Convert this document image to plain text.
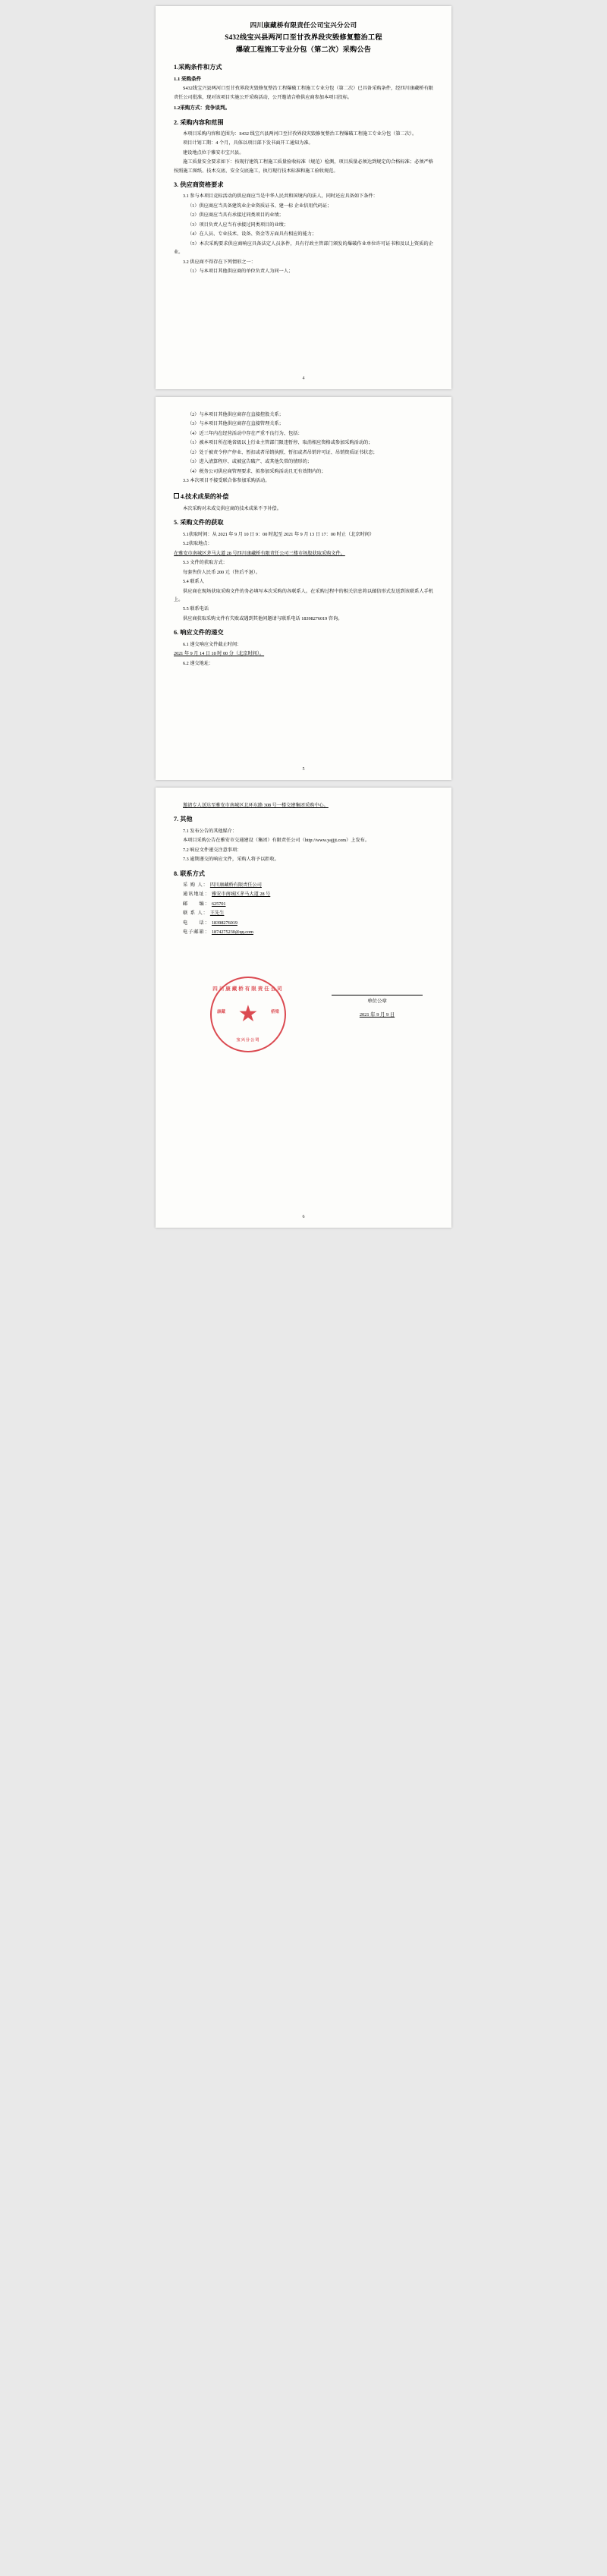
四川康藏桥有限责任公司宝兴分公司
S432线宝兴县两河口至甘孜界段灾毁修复整治工程
爆破工程施工专业分包（第二次）采购公告
1.采购条件和方式
1.1 采购条件

S432线宝兴县两河口至甘孜界段灾毁修复整治工程爆破工程施工专业分包（第二次）已具备采购条件，经四川康藏桥有限责任公司批准，现对该项目实施公开采购活动，公开邀请合格供应商参加本项目投标。

1.2采购方式：竞争谈判。
2. 采购内容和范围

本项目采购内容和范围为：S432 线宝兴县两河口至甘孜界段灾毁修复整治工程爆破工程施工专业分包（第二次）。

项目计划工期：4 个月，具体以项目部下发书面开工通知为准。

建设地点位于雅安市宝兴县。

施工质量安全要求如下：按现行建筑工程施工质量验收标准（规范）检测，项目质量必须达到规定的合格标准；必须严格按照施工图纸、技术交底、安全交底施工，执行现行技术标准和施工验收规范。

3. 供应商资格要求

3.1 参与本项目竞标活动的供应商应当是中华人民共和国境内的法人，同时还应具备如下条件：

（1）供应商应当具备建筑业企业资质证书、建一标 企业信用代码证；

（2）供应商应当具有承接过同类项目的业绩；

（3）项目负责人应当有承接过同类项目的业绩；

（4）在人员、专业技术、设备、资金等方面具有相应的能力；

（5）本次采购要求供应商响应具备法定人员条件，具有行政主管部门颁发的爆破作业单位许可证书和及以上资质的企业。

3.2 供应商不得存在下列情形之一：

（1）与本项目其他供应商的单位负责人为同一人；

4

（2）与本项目其他供应商存在直接控股关系；

（3）与本项目其他供应商存在直接管理关系；

（4）近三年内在经营活动中存在严重不良行为、包括：

（1）被本项目所在地省级以上行业主管部门限违暂停、取消相应资格或参加采购活动的；

（2）处于被责令停产停业、暂扣或者吊销执照、暂扣或者吊销许可证、吊销资质证书状态；

（3）进入清算程序、或被宣告破产、或其他失常的情形的；

（4）税务公司供应商管理要求、拟参加采购活动且无有效期内的；

3.3 本次项目不接受联合体参加采购活动。

4.技术成果的补偿

本次采购对未成交供应商的技术成果不予补偿。

5. 采购文件的获取

5.1获取时间：从 2021 年 9 月 10 日 9：00 时起至 2021 年 9 月 13 日 17：00 时止（北京时间）

5.2获取地点：

在雅安市南城区茅马大道 28 号四川康藏桥有限责任公司三楼市场股获取采购文件。

5.3 文件的获取方式：

每套售价人民币 200 元（售后不退）。

5.4 联系人

供应商在现场获取采购文件的务必填写本次采购的各联系人。在采购过程中的相关信息将以邮信形式发送到该联系人手机上。

5.5 联系电话

供应商获取采购文件有失败或遇到其他问题请与联系电话 18398276019 咨询。

6. 响应文件的递交

6.1 递交响应文件截止时间：

2021 年 9 月 14 日 10 时 00 分（北京时间）。

6.2 递交地址：

5

邀请专人送达至雅安市南城区北环东路 308 号一楼交建集团采购中心。

7. 其他

7.1 发布公告的其他媒介：

本项目采购公告在雅安市交通建设（集团）有限责任公司（http://www.yajjjt.com）上发布。

7.2 响应文件递交注意事项：

7.3 逾期递交的响应文件，采购人将予以拒收。

8. 联系方式

采 购 人： 四川康藏桥有限责任公司

通讯地址： 雅安市南城区茅马大道 28 号

邮　　编： 625701

联 系 人： 王先生

电　　话： 18398276019

电子邮箱： 1874275230@qq.com

四川康藏桥有限责任公司
康藏	桥梁
★
宝兴分公司
单位公章
2021 年 9 月 9 日
6
